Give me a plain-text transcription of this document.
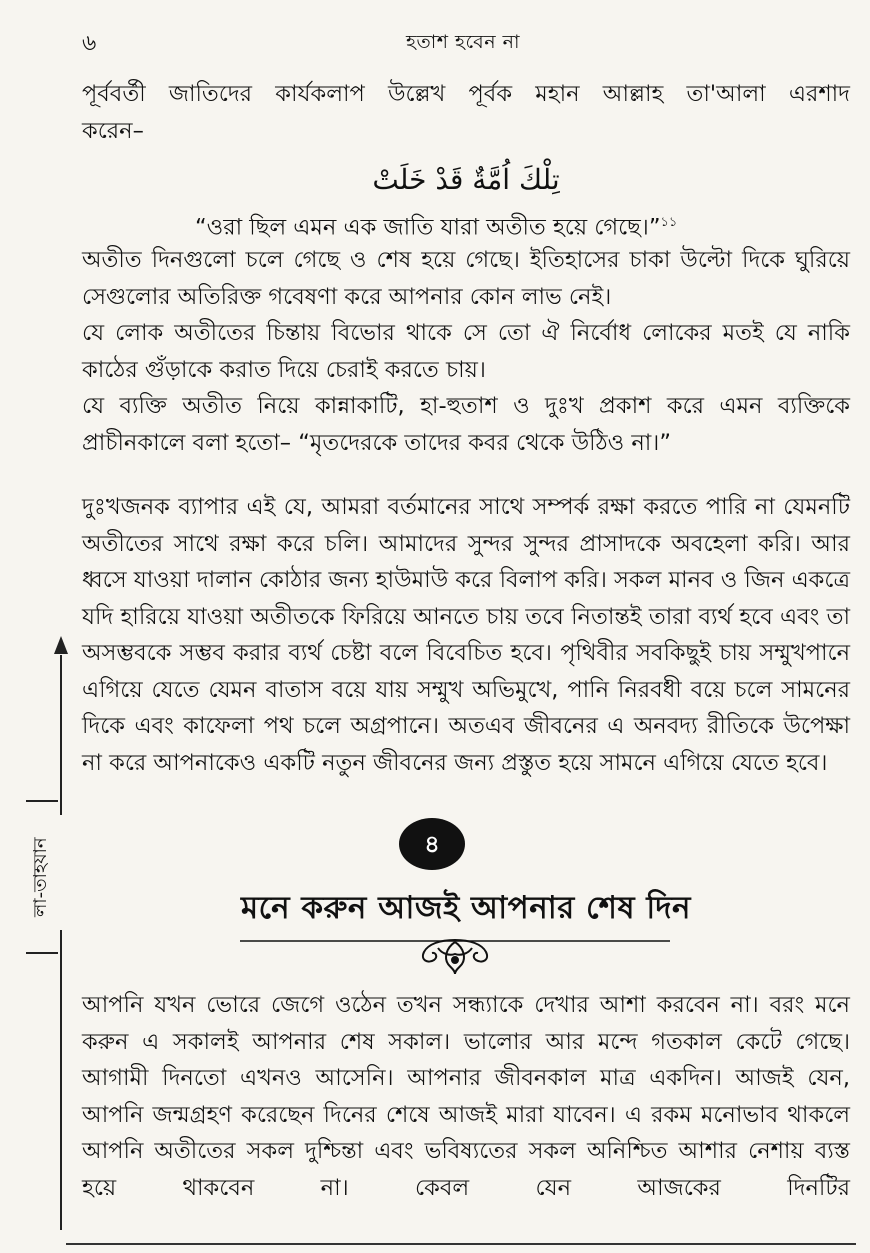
৬	হতাশ হবেন না

পূর্ববর্তী জাতিদের কার্যকলাপ উল্লেখ পূর্বক মহান আল্লাহ তা'আলা এরশাদ

করেন–

تِلْكَ اُمَّةٌ قَدْ خَلَتْ
“ওরা ছিল এমন এক জাতি যারা অতীত হয়ে গেছে।”$^{১১}$

অতীত দিনগুলো চলে গেছে ও শেষ হয়ে গেছে। ইতিহাসের চাকা উল্টো দিকে ঘুরিয়ে সেগুলোর অতিরিক্ত গবেষণা করে আপনার কোন লাভ নেই।

যে লোক অতীতের চিন্তায় বিভোর থাকে সে তো ঐ নির্বোধ লোকের মতই যে নাকি কাঠের গুঁড়াকে করাত দিয়ে চেরাই করতে চায়।

যে ব্যক্তি অতীত নিয়ে কান্নাকাটি, হা-হুতাশ ও দুঃখ প্রকাশ করে এমন ব্যক্তিকে প্রাচীনকালে বলা হতো– “মৃতদেরকে তাদের কবর থেকে উঠিও না।”

দুঃখজনক ব্যাপার এই যে, আমরা বর্তমানের সাথে সম্পর্ক রক্ষা করতে পারি না যেমনটি অতীতের সাথে রক্ষা করে চলি। আমাদের সুন্দর সুন্দর প্রাসাদকে অবহেলা করি। আর ধ্বসে যাওয়া দালান কোঠার জন্য হাউমাউ করে বিলাপ করি। সকল মানব ও জিন একত্রে যদি হারিয়ে যাওয়া অতীতকে ফিরিয়ে আনতে চায় তবে নিতান্তই তারা ব্যর্থ হবে এবং তা অসম্ভবকে সম্ভব করার ব্যর্থ চেষ্টা বলে বিবেচিত হবে। পৃথিবীর সবকিছুই চায় সম্মুখপানে এগিয়ে যেতে যেমন বাতাস বয়ে যায় সম্মুখ অভিমুখে, পানি নিরবধী বয়ে চলে সামনের দিকে এবং কাফেলা পথ চলে অগ্রপানে। অতএব জীবনের এ অনবদ্য রীতিকে উপেক্ষা না করে আপনাকেও একটি নতুন জীবনের জন্য প্রস্তুত হয়ে সামনে এগিয়ে যেতে হবে।

লা-তাহযান	৪
মনে করুন আজই আপনার শেষ দিন

আপনি যখন ভোরে জেগে ওঠেন তখন সন্ধ্যাকে দেখার আশা করবেন না। বরং মনে করুন এ সকালই আপনার শেষ সকাল। ভালোর আর মন্দে গতকাল কেটে গেছে। আগামী দিনতো এখনও আসেনি। আপনার জীবনকাল মাত্র একদিন। আজই যেন, আপনি জন্মগ্রহণ করেছেন দিনের শেষে আজই মারা যাবেন। এ রকম মনোভাব থাকলে আপনি অতীতের সকল দুশ্চিন্তা এবং ভবিষ্যতের সকল অনিশ্চিত আশার নেশায় ব্যস্ত হয়ে থাকবেন না। কেবল যেন আজকের দিনটির
